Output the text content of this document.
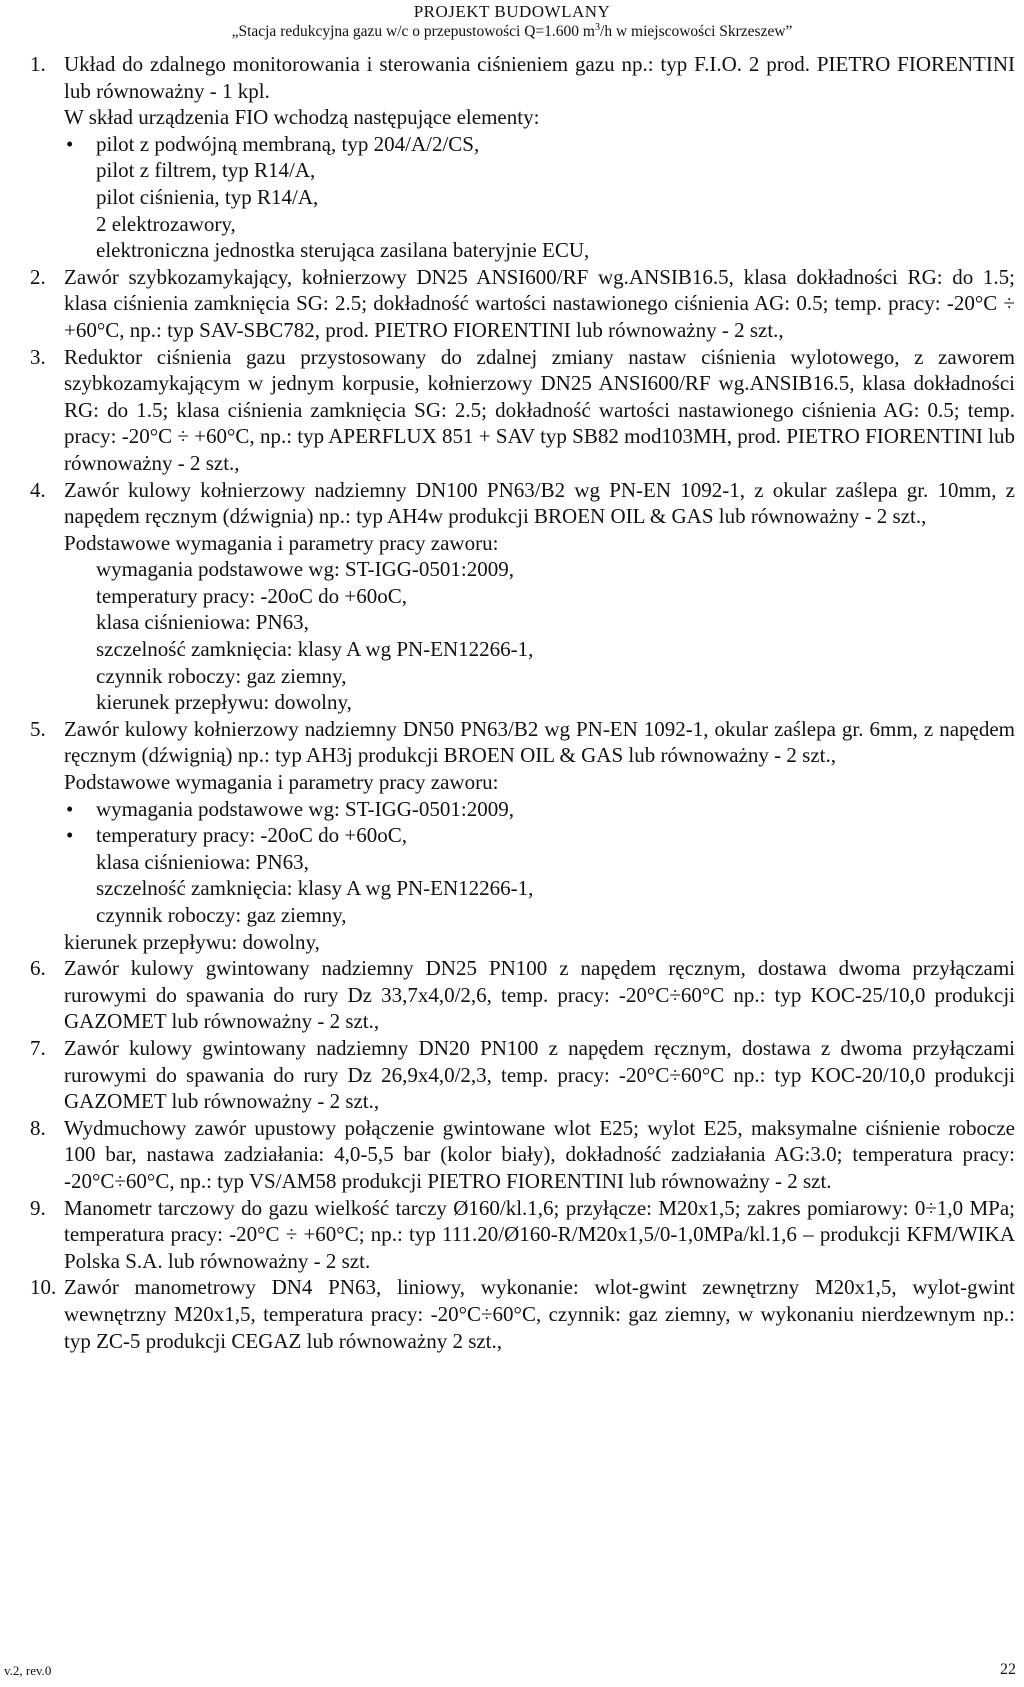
PROJEKT BUDOWLANY
„Stacja redukcyjna gazu w/c o przepustowości Q=1.600 $m^3/h$ w miejscowości Skrzeszew”
1. Układ do zdalnego monitorowania i sterowania ciśnieniem gazu np.: typ F.I.O. 2 prod. PIETRO FIORENTINI lub równoważny - 1 kpl.

W skład urządzenia FIO wchodzą następujące elementy:

• pilot z podwójną membraną, typ 204/A/2/CS,
pilot z filtrem, typ R14/A,
pilot ciśnienia, typ R14/A,
2 elektrozawory,
elektroniczna jednostka sterująca zasilana bateryjnie ECU,
2. Zawór szybkozamykający, kołnierzowy DN25 ANSI600/RF wg.ANSIB16.5, klasa dokładności RG: do 1.5; klasa ciśnienia zamknięcia SG: 2.5; dokładność wartości nastawionego ciśnienia AG: 0.5; temp. pracy: -20°C ÷ +60°C, np.: typ SAV-SBC782, prod. PIETRO FIORENTINI lub równoważny - 2 szt.,

3. Reduktor ciśnienia gazu przystosowany do zdalnej zmiany nastaw ciśnienia wylotowego, z zaworem szybkozamykającym w jednym korpusie, kołnierzowy DN25 ANSI600/RF wg.ANSIB16.5, klasa dokładności RG: do 1.5; klasa ciśnienia zamknięcia SG: 2.5; dokładność wartości nastawionego ciśnienia AG: 0.5; temp. pracy: -20°C ÷ +60°C, np.: typ APERFLUX 851 + SAV typ SB82 mod103MH, prod. PIETRO FIORENTINI lub równoważny - 2 szt.,

4. Zawór kulowy kołnierzowy nadziemny DN100 PN63/B2 wg PN-EN 1092-1, z okular zaślepa gr. 10mm, z napędem ręcznym (dźwignia) np.: typ AH4w produkcji BROEN OIL & GAS lub równoważny - 2 szt.,

Podstawowe wymagania i parametry pracy zaworu:

wymagania podstawowe wg: ST-IGG-0501:2009,
temperatury pracy: -20oC do +60oC,
klasa ciśnieniowa: PN63,
szczelność zamknięcia: klasy A wg PN-EN12266-1,
czynnik roboczy: gaz ziemny,
kierunek przepływu: dowolny,
5. Zawór kulowy kołnierzowy nadziemny DN50 PN63/B2 wg PN-EN 1092-1, okular zaślepa gr. 6mm, z napędem ręcznym (dźwignią) np.: typ AH3j produkcji BROEN OIL & GAS lub równoważny - 2 szt.,

Podstawowe wymagania i parametry pracy zaworu:

• wymagania podstawowe wg: ST-IGG-0501:2009,
• temperatury pracy: -20oC do +60oC,
klasa ciśnieniowa: PN63,
szczelność zamknięcia: klasy A wg PN-EN12266-1,
czynnik roboczy: gaz ziemny,
kierunek przepływu: dowolny,
6. Zawór kulowy gwintowany nadziemny DN25 PN100 z napędem ręcznym, dostawa dwoma przyłączami rurowymi do spawania do rury Dz 33,7x4,0/2,6, temp. pracy: -20°C÷60°C np.: typ KOC-25/10,0 produkcji GAZOMET lub równoważny - 2 szt.,

7. Zawór kulowy gwintowany nadziemny DN20 PN100 z napędem ręcznym, dostawa z dwoma przyłączami rurowymi do spawania do rury Dz 26,9x4,0/2,3, temp. pracy: -20°C÷60°C np.: typ KOC-20/10,0 produkcji GAZOMET lub równoważny - 2 szt.,

8. Wydmuchowy zawór upustowy połączenie gwintowane wlot E25; wylot E25, maksymalne ciśnienie robocze 100 bar, nastawa zadziałania: 4,0-5,5 bar (kolor biały), dokładność zadziałania AG:3.0; temperatura pracy: -20°C÷60°C, np.: typ VS/AM58 produkcji PIETRO FIORENTINI lub równoważny - 2 szt.

9. Manometr tarczowy do gazu wielkość tarczy Ø160/kl.1,6; przyłącze: M20x1,5; zakres pomiarowy: 0÷1,0 MPa; temperatura pracy: -20°C ÷ +60°C; np.: typ 111.20/Ø160-R/M20x1,5/0-1,0MPa/kl.1,6 – produkcji KFM/WIKA Polska S.A. lub równoważny - 2 szt.

10. Zawór manometrowy DN4 PN63, liniowy, wykonanie: wlot-gwint zewnętrzny M20x1,5, wylot-gwint wewnętrzny M20x1,5, temperatura pracy: -20°C÷60°C, czynnik: gaz ziemny, w wykonaniu nierdzewnym np.: typ ZC-5 produkcji CEGAZ lub równoważny 2 szt.,

v.2, rev.0	22
